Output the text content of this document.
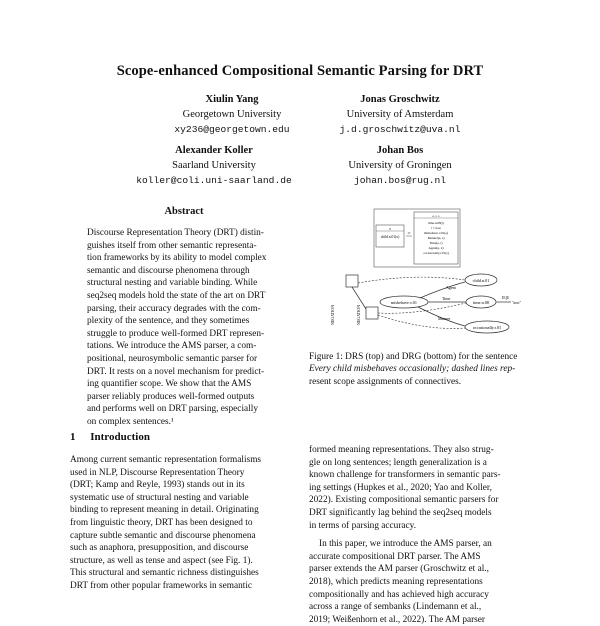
Scope-enhanced Compositional Semantic Parsing for DRT
Xiulin Yang
Georgetown University
xy236@georgetown.edu
Jonas Groschwitz
University of Amsterdam
j.d.groschwitz@uva.nl
Alexander Koller
Saarland University
koller@coli.uni-saarland.de
Johan Bos
University of Groningen
johan.bos@rug.nl
Abstract
Discourse Representation Theory (DRT) distin-
guishes itself from other semantic representa-
tion frameworks by its ability to model complex
semantic and discourse phenomena through
structural nesting and variable binding. While
seq2seq models hold the state of the art on DRT
parsing, their accuracy degrades with the com-
plexity of the sentence, and they sometimes
struggle to produce well-formed DRT represen-
tations. We introduce the AMS parser, a com-
positional, neurosymbolic semantic parser for
DRT. It rests on a novel mechanism for predict-
ing quantifier scope. We show that the AMS
parser reliably produces well-formed outputs
and performs well on DRT parsing, especially
on complex sentences.¹
1 Introduction
Among current semantic representation formalisms
used in NLP, Discourse Representation Theory
(DRT; Kamp and Reyle, 1993) stands out in its
systematic use of structural nesting and variable
binding to represent meaning in detail. Originating
from linguistic theory, DRT has been designed to
capture subtle semantic and discourse phenomena
such as anaphora, presupposition, and discourse
structure, as well as tense and aspect (see Fig. 1).
This structural and semantic richness distinguishes
DRT from other popular frameworks in semantic
x
child.n.01(x)
⇒
e, t, s
time.n.08(t)
t < now
misbehave.v.01(e)
Manner(e, s)
Time(e, t)
Agent(e, x)
occasionally.r.01(s)
NEGATION	NEGATION
child.n.01
misbehave.v.01	time.n.08
occasionally.r.01
Agent
Time
Manner
EQU
"now"
Figure 1: DRS (top) and DRG (bottom) for the sentence
Every child misbehaves occasionally; dashed lines rep-
resent scope assignments of connectives.
formed meaning representations. They also strug-
gle on long sentences; length generalization is a
known challenge for transformers in semantic pars-
ing settings (Hupkes et al., 2020; Yao and Koller,
2022). Existing compositional semantic parsers for
DRT significantly lag behind the seq2seq models
in terms of parsing accuracy.
In this paper, we introduce the AMS parser, an
accurate compositional DRT parser. The AMS
parser extends the AM parser (Groschwitz et al.,
2018), which predicts meaning representations
compositionally and has achieved high accuracy
across a range of sembanks (Lindemann et al.,
2019; Weißenhorn et al., 2022). The AM parser
